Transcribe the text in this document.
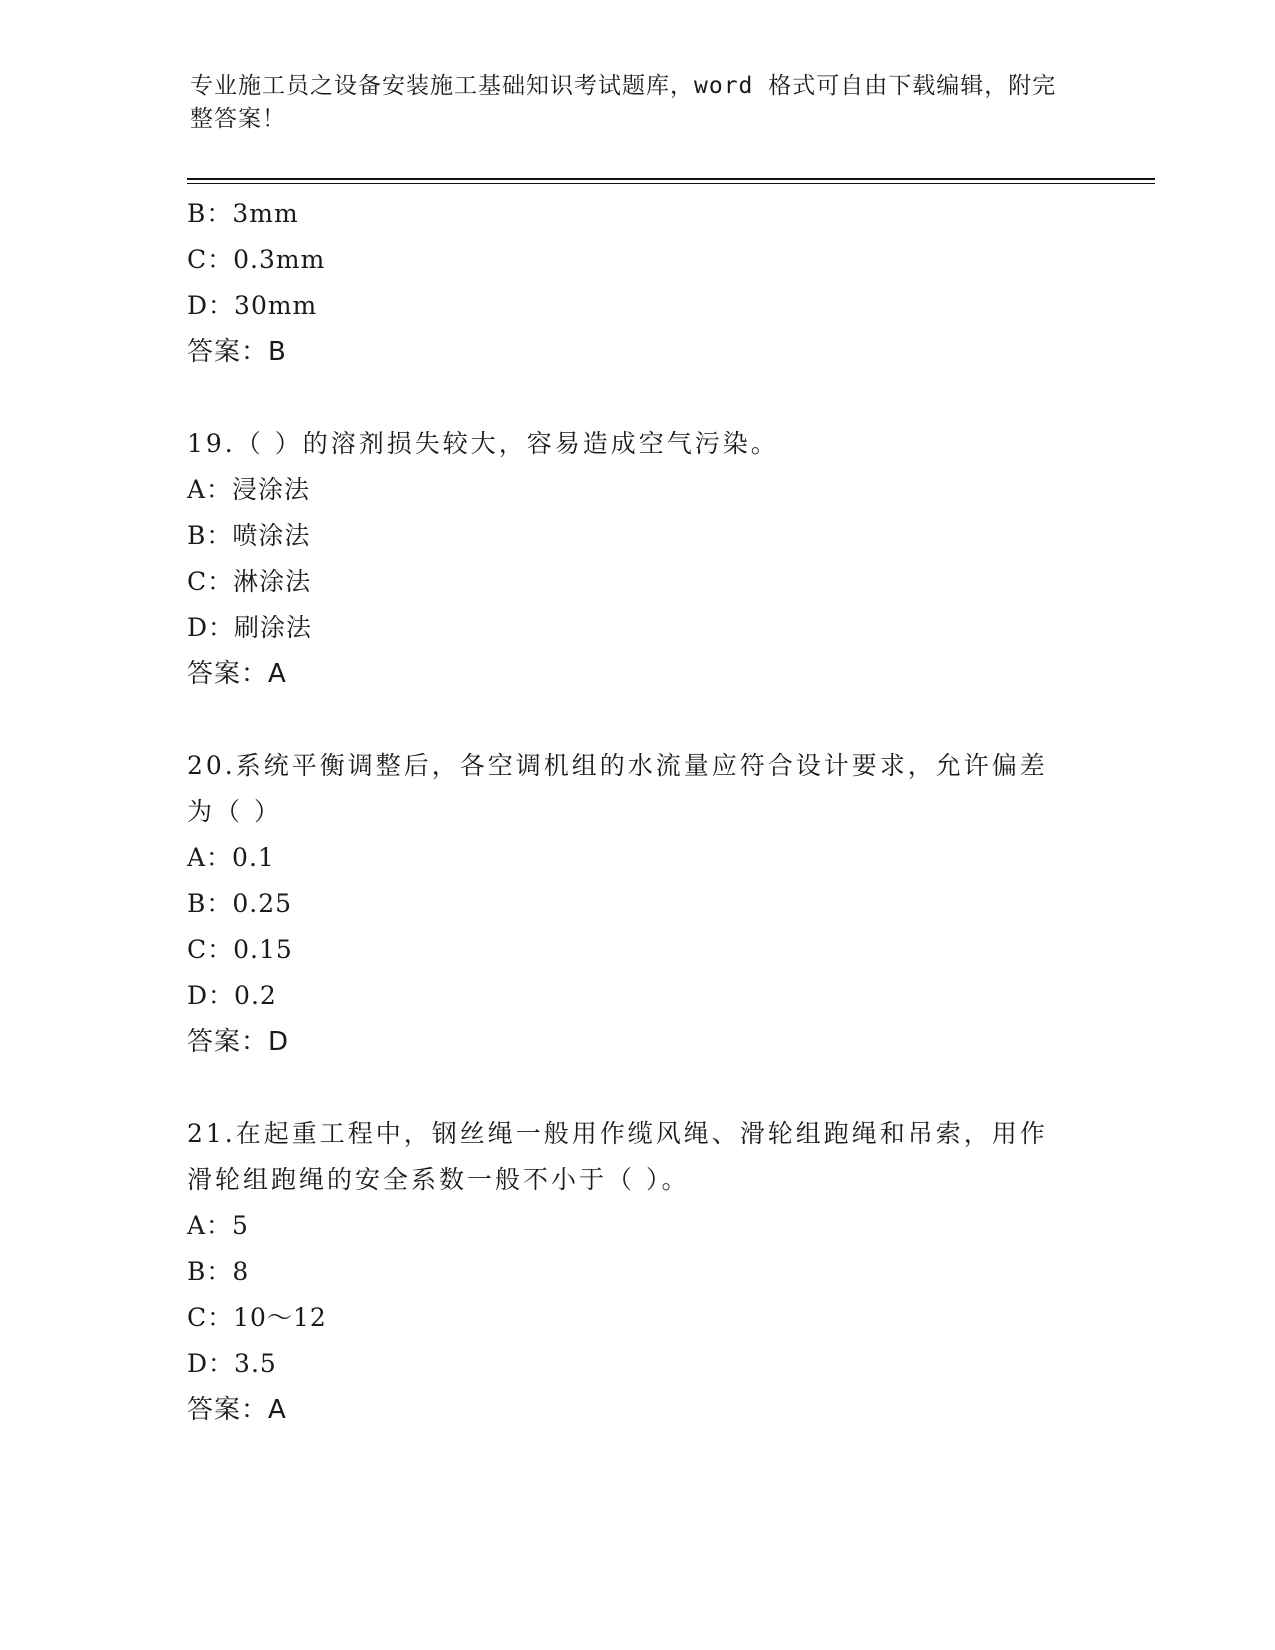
专业施工员之设备安装施工基础知识考试题库，word 格式可自由下载编辑，附完
整答案！
B：3mm
C：0.3mm
D：30mm
答案：B
19.（ ）的溶剂损失较大，容易造成空气污染。
A：浸涂法
B：喷涂法
C：淋涂法
D：刷涂法
答案：A
20.系统平衡调整后，各空调机组的水流量应符合设计要求，允许偏差
为（ ）
A：0.1
B：0.25
C：0.15
D：0.2
答案：D
21.在起重工程中，钢丝绳一般用作缆风绳、滑轮组跑绳和吊索，用作
滑轮组跑绳的安全系数一般不小于（ ）。
A：5
B：8
C：10～12
D：3.5
答案：A
